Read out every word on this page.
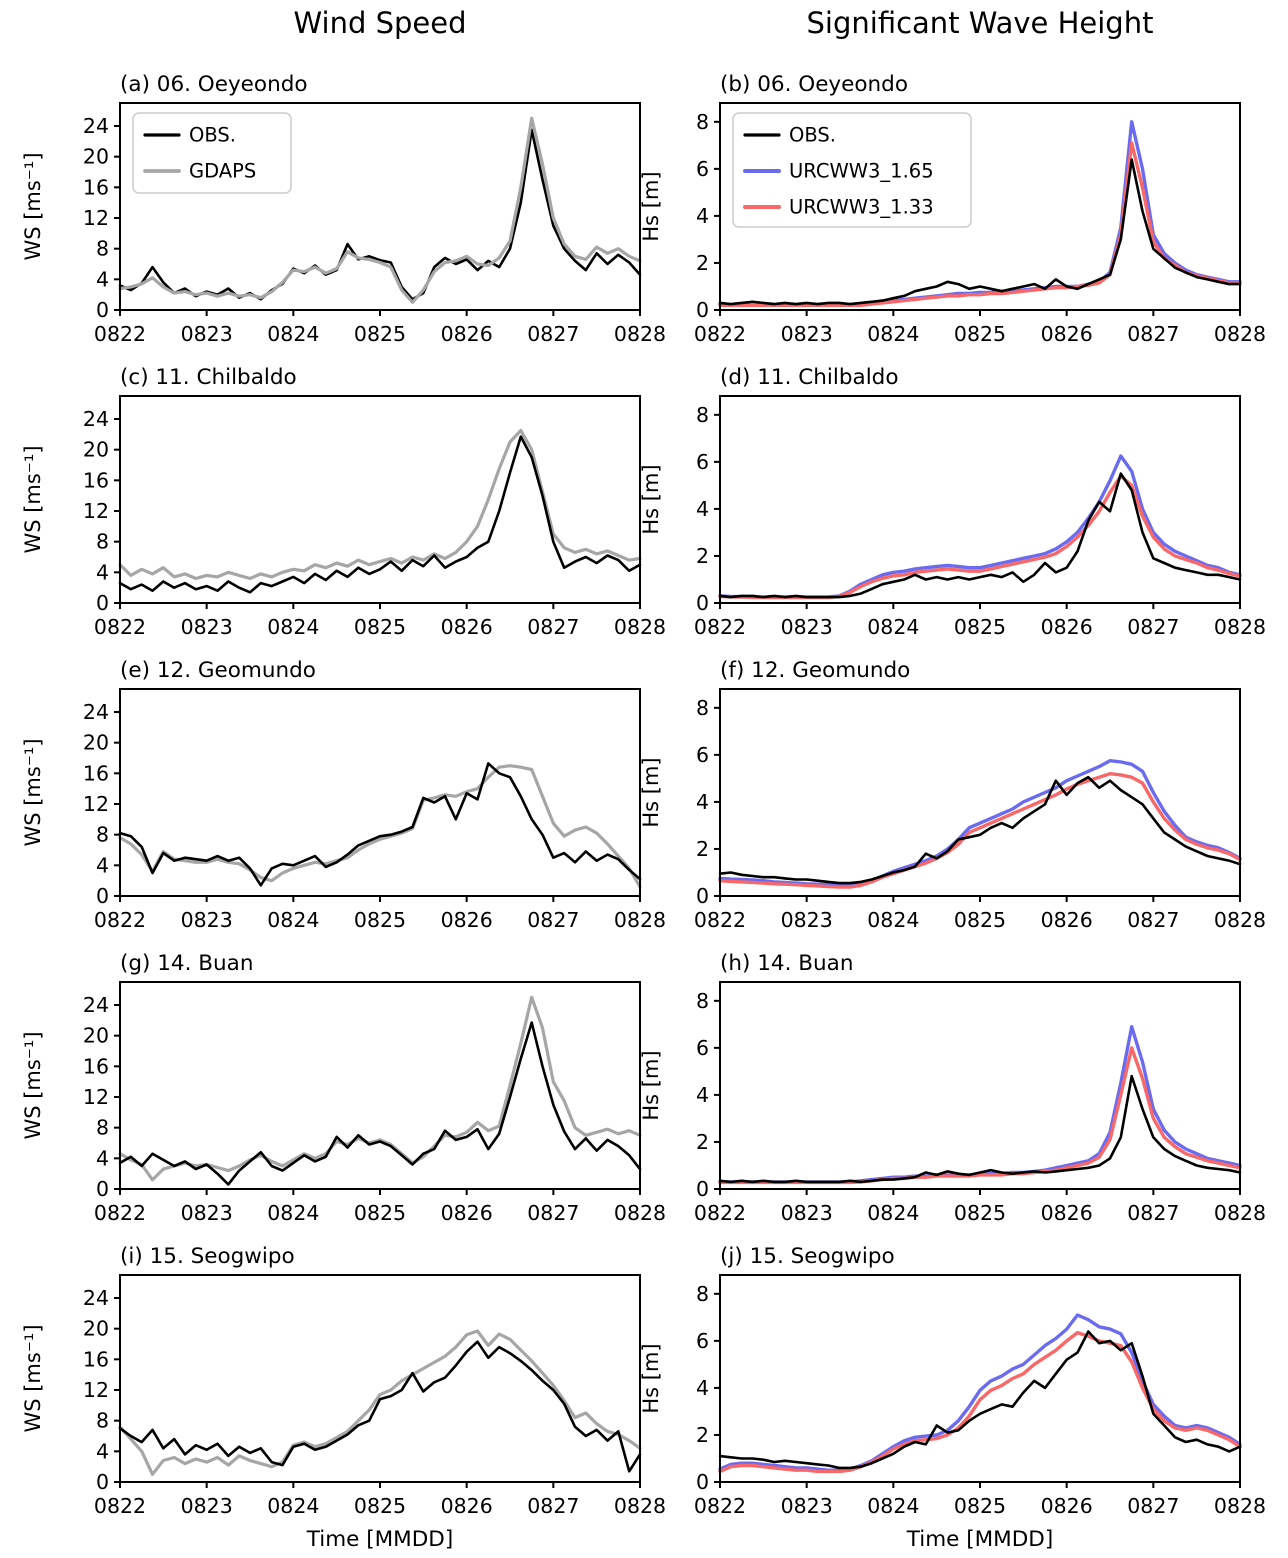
Wind Speed	Significant Wave Height
(a) 06. Oeyeondo
0
4
8
12
16
20
24
0822 0823 0824 0825 0826 0827 0828
WS [ms⁻¹]
OBS.
GDAPS
(b) 06. Oeyeondo
0
2
4
6
8
0822 0823 0824 0825 0826 0827 0828
Hs [m]
OBS.
URCWW3_1.65
URCWW3_1.33
(c) 11. Chilbaldo
0
4
8
12
16
20
24
0822 0823 0824 0825 0826 0827 0828
WS [ms⁻¹]
(d) 11. Chilbaldo
0
2
4
6
8
0822 0823 0824 0825 0826 0827 0828
Hs [m]
(e) 12. Geomundo
0
4
8
12
16
20
24
0822 0823 0824 0825 0826 0827 0828
WS [ms⁻¹]
(f) 12. Geomundo
0
2
4
6
8
0822 0823 0824 0825 0826 0827 0828
Hs [m]
(g) 14. Buan
0
4
8
12
16
20
24
0822 0823 0824 0825 0826 0827 0828
WS [ms⁻¹]
(h) 14. Buan
0
2
4
6
8
0822 0823 0824 0825 0826 0827 0828
Hs [m]
(i) 15. Seogwipo
0
4
8
12
16
20
24
0822 0823 0824 0825 0826 0827 0828
WS [ms⁻¹]
Time [MMDD]
(j) 15. Seogwipo
0
2
4
6
8
0822 0823 0824 0825 0826 0827 0828
Hs [m]
Time [MMDD]
